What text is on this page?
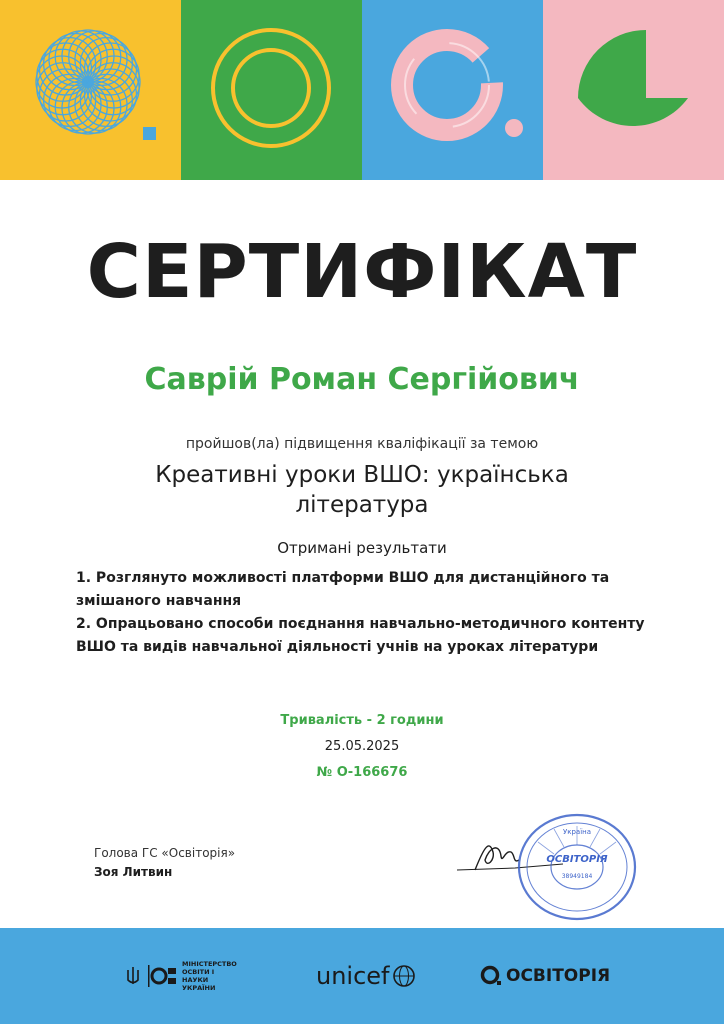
СЕРТИФІКАТ
Саврій Роман Сергійович
пройшов(ла) підвищення кваліфікації за темою
Креативні уроки ВШО: українська
література
Отримані результати
1. Розглянуто можливості платформи ВШО для дистанційного та
змішаного навчання
2. Опрацьовано способи поєднання навчально-методичного контенту
ВШО та видів навчальної діяльності учнів на уроках літератури
Тривалість - 2 години
25.05.2025
№ О-166676
Голова ГС «Освіторія»
Зоя Литвин
Україна
ОСВІТОРІЯ
38949184
МІНІСТЕРСТВО ОСВІТИ І НАУКИ УКРАЇНИ	unicef	ОСВІТОРІЯ
